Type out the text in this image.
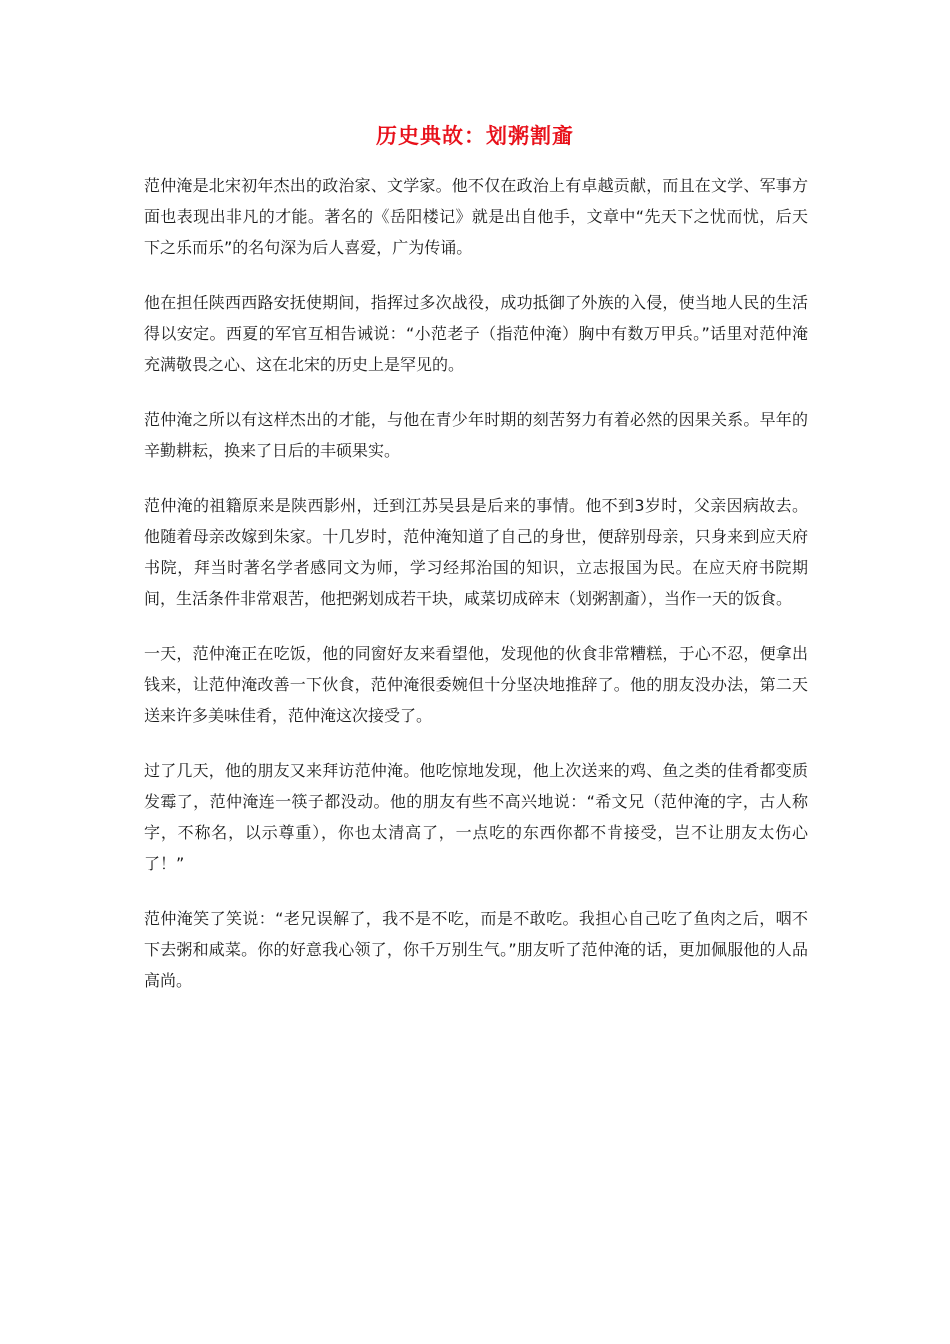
历史典故：划粥割齑

范仲淹是北宋初年杰出的政治家、文学家。他不仅在政治上有卓越贡献，而且在文学、军事方面也表现出非凡的才能。著名的《岳阳楼记》就是出自他手，文章中“先天下之忧而忧，后天下之乐而乐”的名句深为后人喜爱，广为传诵。

他在担任陕西西路安抚使期间，指挥过多次战役，成功抵御了外族的入侵，使当地人民的生活得以安定。西夏的军官互相告诫说：“小范老子（指范仲淹）胸中有数万甲兵。”话里对范仲淹充满敬畏之心、这在北宋的历史上是罕见的。

范仲淹之所以有这样杰出的才能，与他在青少年时期的刻苦努力有着必然的因果关系。早年的辛勤耕耘，换来了日后的丰硕果实。

范仲淹的祖籍原来是陕西影州，迁到江苏吴县是后来的事情。他不到3岁时，父亲因病故去。他随着母亲改嫁到朱家。十几岁时，范仲淹知道了自己的身世，便辞别母亲，只身来到应天府书院，拜当时著名学者感同文为师，学习经邦治国的知识，立志报国为民。在应天府书院期间，生活条件非常艰苦，他把粥划成若干块，咸菜切成碎末（划粥割齑），当作一天的饭食。

一天，范仲淹正在吃饭，他的同窗好友来看望他，发现他的伙食非常糟糕，于心不忍，便拿出钱来，让范仲淹改善一下伙食，范仲淹很委婉但十分坚决地推辞了。他的朋友没办法，第二天送来许多美味佳肴，范仲淹这次接受了。

过了几天，他的朋友又来拜访范仲淹。他吃惊地发现，他上次送来的鸡、鱼之类的佳肴都变质发霉了，范仲淹连一筷子都没动。他的朋友有些不高兴地说：“希文兄（范仲淹的字，古人称字，不称名，以示尊重），你也太清高了，一点吃的东西你都不肯接受，岂不让朋友太伤心了！”

范仲淹笑了笑说：“老兄误解了，我不是不吃，而是不敢吃。我担心自己吃了鱼肉之后，咽不下去粥和咸菜。你的好意我心领了，你千万别生气。”朋友听了范仲淹的话，更加佩服他的人品高尚。
